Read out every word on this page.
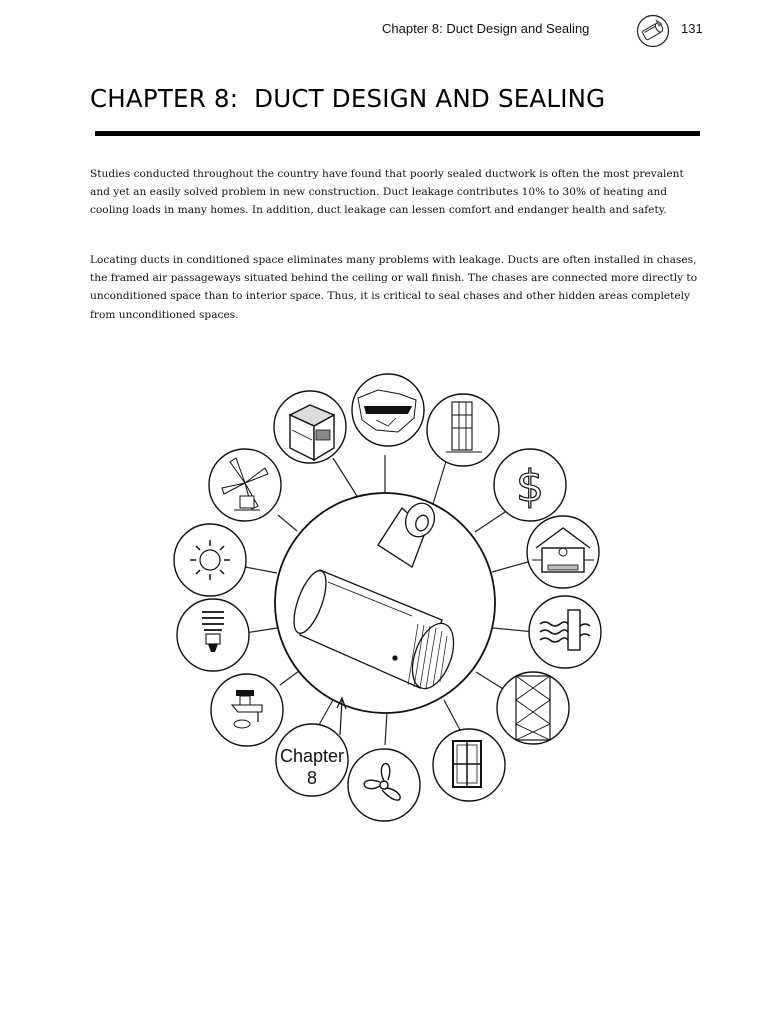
Chapter 8: Duct Design and Sealing	131
CHAPTER 8:  DUCT DESIGN AND SEALING

Studies conducted throughout the country have found that poorly sealed ductwork is often the most prevalent and yet an easily solved problem in new construction. Duct leakage contributes 10% to 30% of heating and cooling loads in many homes. In addition, duct leakage can lessen comfort and endanger health and safety.

Locating ducts in conditioned space eliminates many problems with leakage. Ducts are often installed in chases, the framed air passageways situated behind the ceiling or wall finish. The chases are connected more directly to unconditioned space than to interior space. Thus, it is critical to seal chases and other hidden areas completely from unconditioned spaces.

$
Chapter
8
